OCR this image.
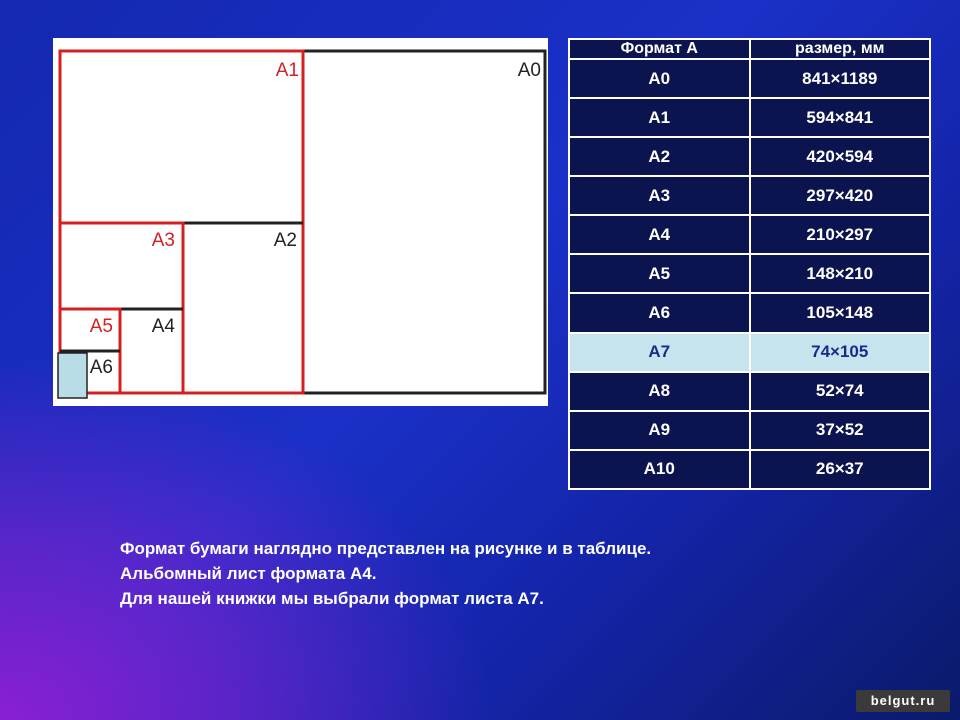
A0
A1
A2
A3
A4
A5
A6
Формат А	размер, мм
А0	841×1189
А1	594×841
А2	420×594
А3	297×420
А4	210×297
А5	148×210
А6	105×148
А7	74×105
А8	52×74
А9	37×52
А10	26×37
Формат бумаги наглядно представлен на рисунке и в таблице.
Альбомный лист формата А4.
Для нашей книжки мы выбрали формат листа А7.
belgut.ru
